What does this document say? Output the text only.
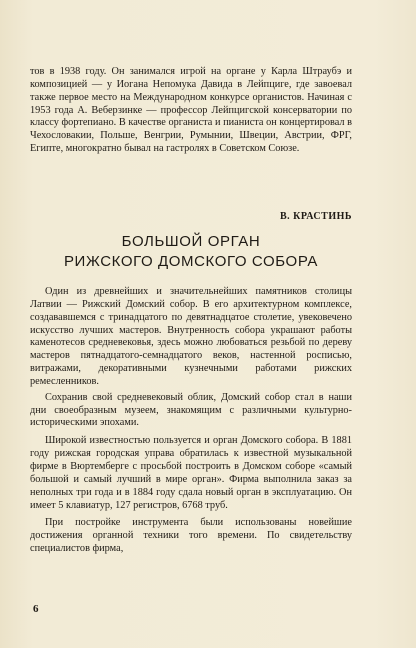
тов в 1938 году. Он занимался игрой на органе у Карла Штраубэ и композицией — у Иогана Непомука Давида в Лейпциге, где завоевал также первое место на Международном конкурсе органистов. Начиная с 1953 года А. Веберзинке — профессор Лейпцигской консерватории по классу фортепиано. В качестве органиста и пианиста он концертировал в Чехословакии, Польше, Венгрии, Румынии, Швеции, Австрии, ФРГ, Египте, многократно бывал на гастролях в Советском Союзе.

В. КРАСТИНЬ
БОЛЬШОЙ ОРГАН
РИЖСКОГО ДОМСКОГО СОБОРА

Один из древнейших и значительнейших памятников столицы Латвии — Рижский Домский собор. В его архитектурном комплексе, создававшемся с тринадцатого по девятнадцатое столетие, увековечено искусство лучших мастеров. Внутренность собора украшают работы каменотесов средневековья, здесь можно любоваться резьбой по дереву мастеров пятнадцатого-семнадцатого веков, настенной росписью, витражами, декоративными кузнечными работами рижских ремесленников.

Сохранив свой средневековый облик, Домский собор стал в наши дни своеобразным музеем, знакомящим с различными культурно-историческими эпохами.

Широкой известностью пользуется и орган Домского собора. В 1881 году рижская городская управа обратилась к известной музыкальной фирме в Вюртемберге с просьбой построить в Домском соборе «самый большой и самый лучший в мире орган». Фирма выполнила заказ за неполных три года и в 1884 году сдала новый орган в эксплуатацию. Он имеет 5 клавиатур, 127 регистров, 6768 труб.

При постройке инструмента были использованы новейшие достижения органной техники того времени. По свидетельству специалистов фирма,

6
